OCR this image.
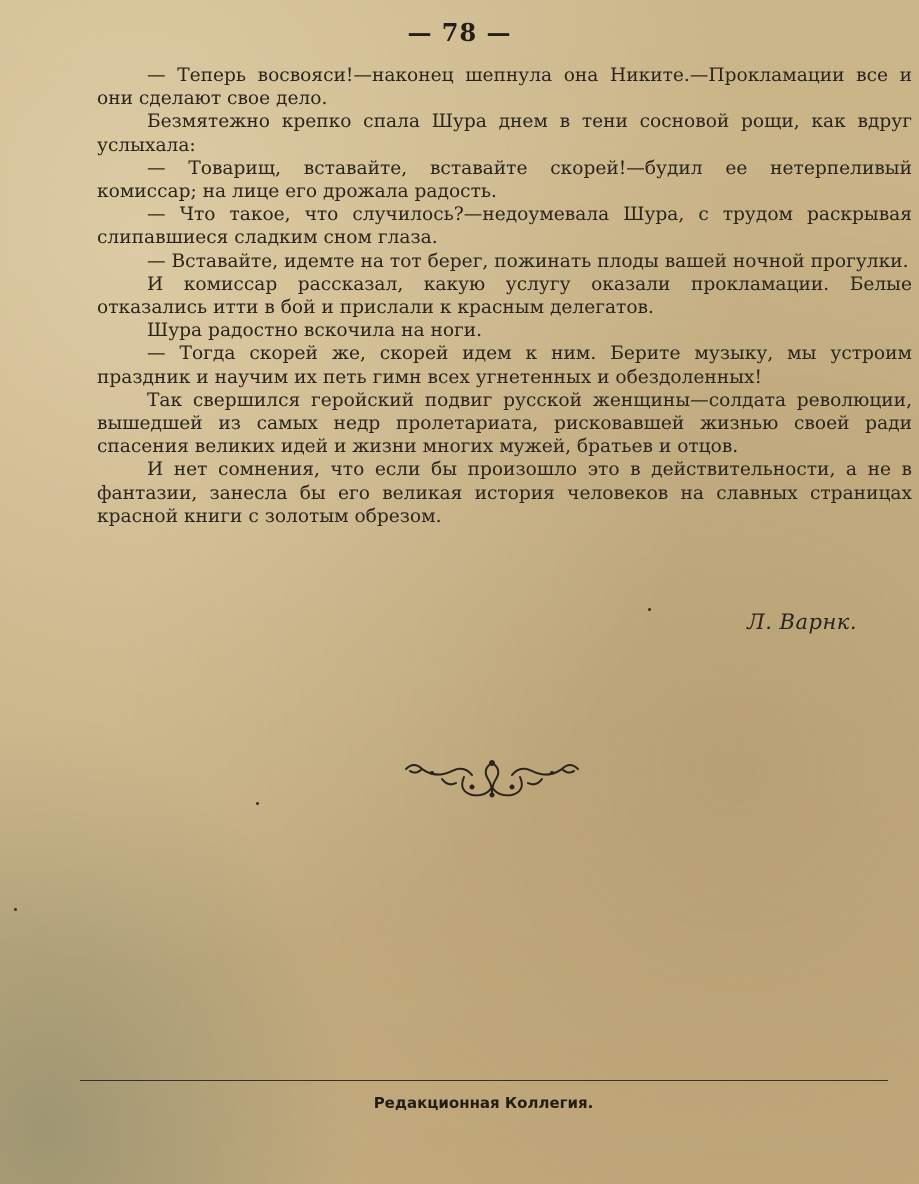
— 78 —

— Теперь восвояси!—наконец шепнула она Никите.—Прокламации все и они сделают свое дело.

Безмятежно крепко спала Шура днем в тени сосновой рощи, как вдруг услыхала:

— Товарищ, вставайте, вставайте скорей!—будил ее нетерпеливый комиссар; на лице его дрожала радость.

— Что такое, что случилось?—недоумевала Шура, с трудом раскрывая слипавшиеся сладким сном глаза.

— Вставайте, идемте на тот берег, пожинать плоды вашей ночной прогулки.

И комиссар рассказал, какую услугу оказали прокламации. Белые отказались итти в бой и прислали к красным делегатов.

Шура радостно вскочила на ноги.

— Тогда скорей же, скорей идем к ним. Берите музыку, мы устроим праздник и научим их петь гимн всех угнетенных и обездоленных!

Так свершился геройский подвиг русской женщины—солдата революции, вышедшей из самых недр пролетариата, рисковавшей жизнью своей ради спасения великих идей и жизни многих мужей, братьев и отцов.

И нет сомнения, что если бы произошло это в действительности, а не в фантазии, занесла бы его великая история человеков на славных страницах красной книги с золотым обрезом.

Л. Варнк.
Редакционная Коллегия.
